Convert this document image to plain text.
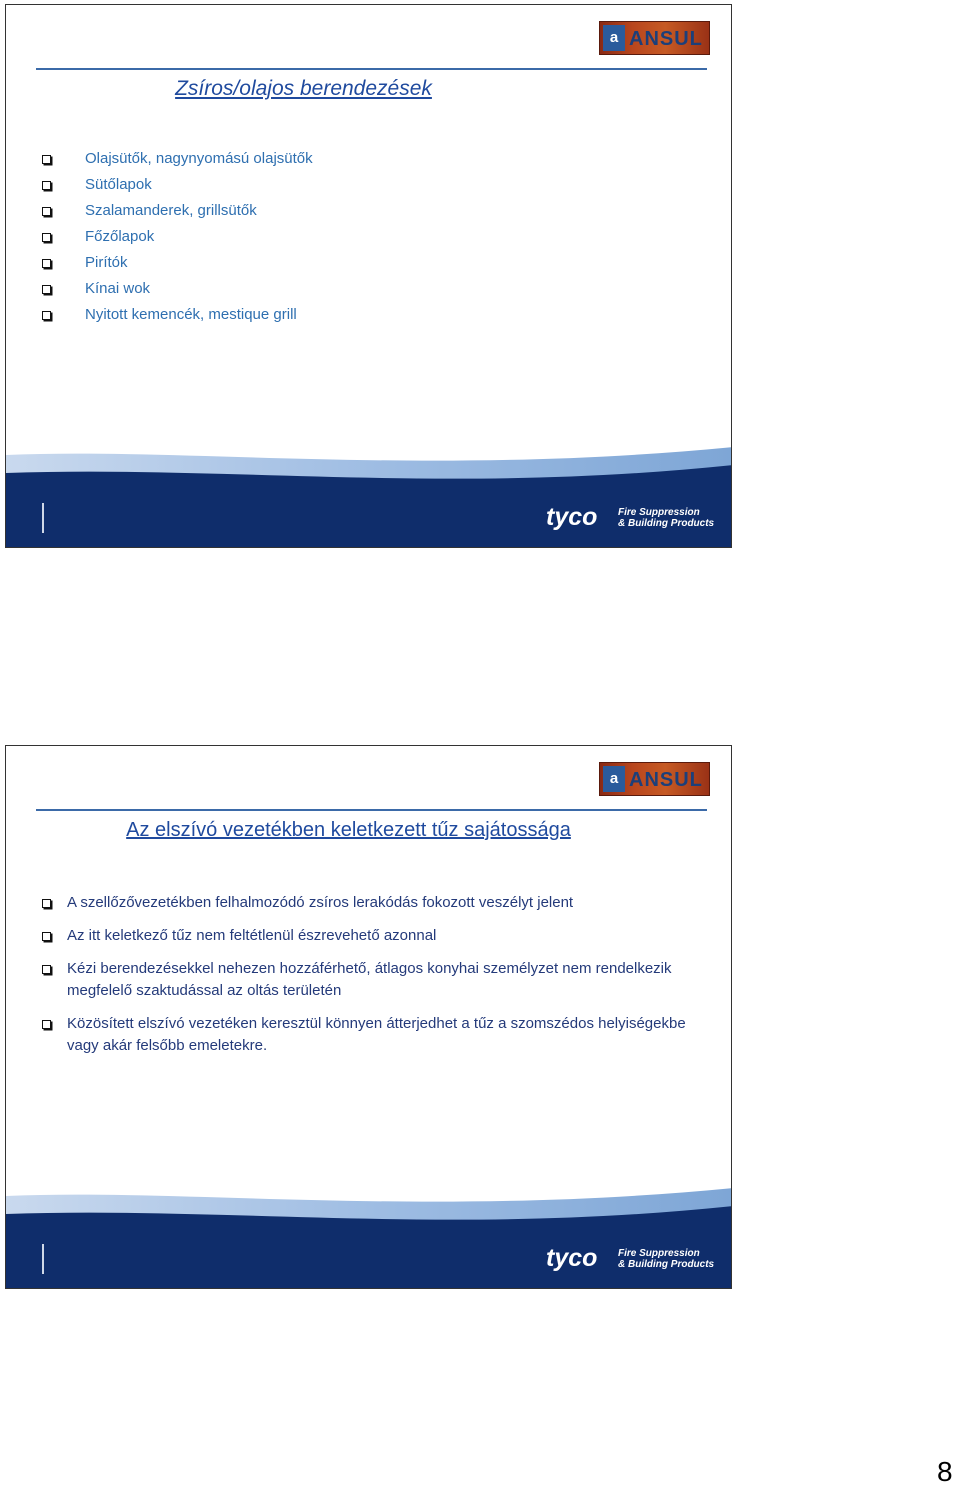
a ANSUL
Zsíros/olajos berendezések
Olajsütők, nagynyomású olajsütők
Sütőlapok
Szalamanderek, grillsütők
Főzőlapok
Pirítók
Kínai wok
Nyitott kemencék, mestique grill
tyco Fire Suppression
& Building Products
a ANSUL
Az elszívó vezetékben keletkezett tűz sajátossága
A szellőzővezetékben felhalmozódó zsíros lerakódás fokozott veszélyt jelent
Az itt keletkező tűz nem feltétlenül észrevehető azonnal
Kézi berendezésekkel nehezen hozzáférhető, átlagos konyhai személyzet nem rendelkezik megfelelő szaktudással az oltás területén
Közösített elszívó vezetéken keresztül könnyen átterjedhet a tűz a szomszédos helyiségekbe vagy akár felsőbb emeletekre.
tyco Fire Suppression
& Building Products
8
